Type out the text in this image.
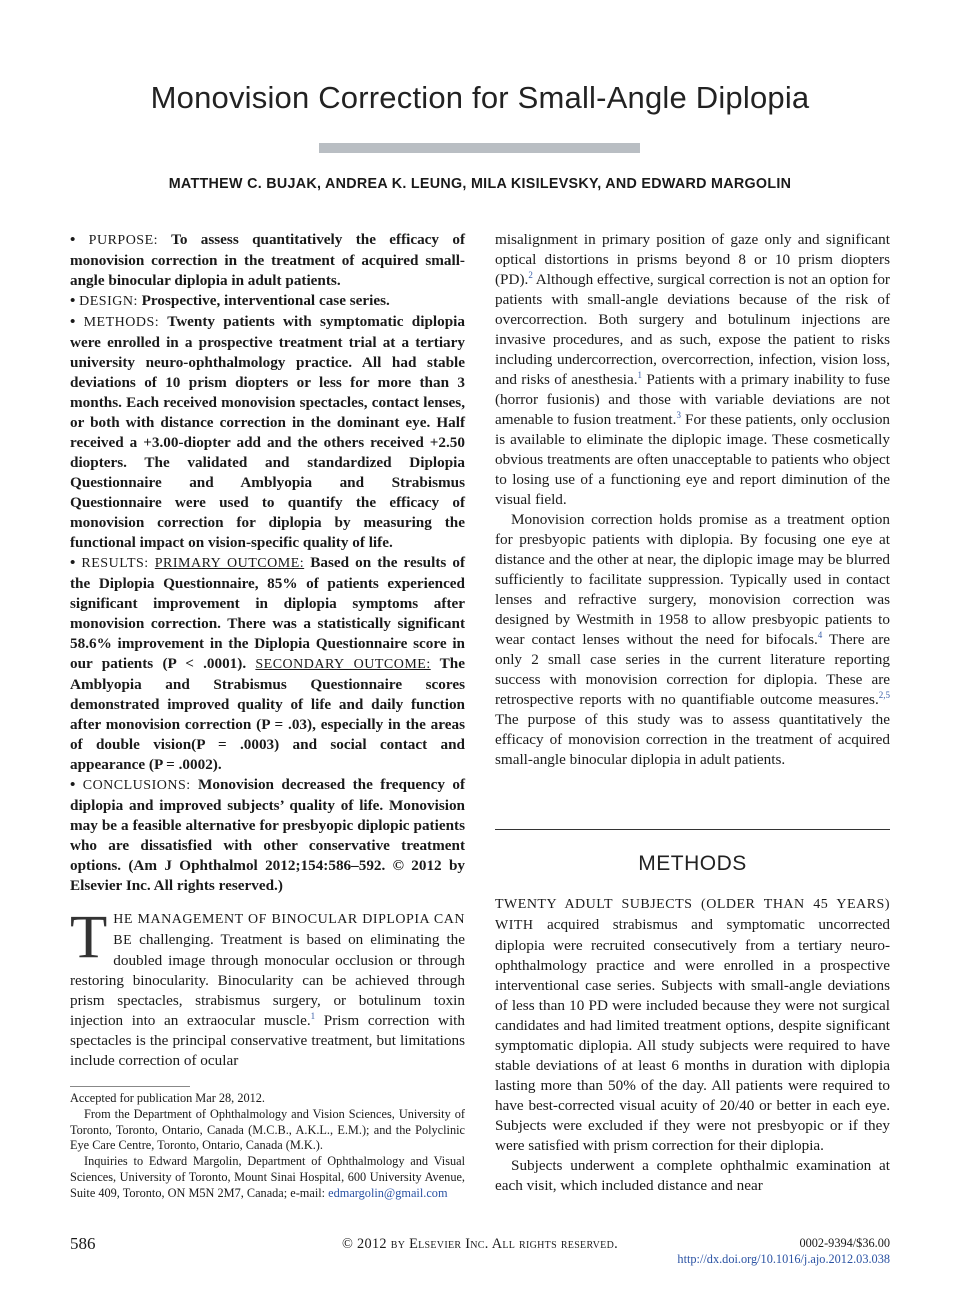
Monovision Correction for Small-Angle Diplopia
MATTHEW C. BUJAK, ANDREA K. LEUNG, MILA KISILEVSKY, AND EDWARD MARGOLIN

• PURPOSE: To assess quantitatively the efficacy of monovision correction in the treatment of acquired small-angle binocular diplopia in adult patients.

• DESIGN: Prospective, interventional case series.

• METHODS: Twenty patients with symptomatic diplopia were enrolled in a prospective treatment trial at a tertiary university neuro-ophthalmology practice. All had stable deviations of 10 prism diopters or less for more than 3 months. Each received monovision spectacles, contact lenses, or both with distance correction in the dominant eye. Half received a +3.00-diopter add and the others received +2.50 diopters. The validated and standardized Diplopia Questionnaire and Amblyopia and Strabismus Questionnaire were used to quantify the efficacy of monovision correction for diplopia by measuring the functional impact on vision-specific quality of life.

• RESULTS: PRIMARY OUTCOME: Based on the results of the Diplopia Questionnaire, 85% of patients experienced significant improvement in diplopia symptoms after monovision correction. There was a statistically significant 58.6% improvement in the Diplopia Questionnaire score in our patients (P < .0001). SECONDARY OUTCOME: The Amblyopia and Strabismus Questionnaire scores demonstrated improved quality of life and daily function after monovision correction (P = .03), especially in the areas of double vision(P = .0003) and social contact and appearance (P = .0002).

• CONCLUSIONS: Monovision decreased the frequency of diplopia and improved subjects’ quality of life. Monovision may be a feasible alternative for presbyopic diplopic patients who are dissatisfied with other conservative treatment options. (Am J Ophthalmol 2012;154:586–592. © 2012 by Elsevier Inc. All rights reserved.)

THE MANAGEMENT OF BINOCULAR DIPLOPIA CAN BE challenging. Treatment is based on eliminating the doubled image through monocular occlusion or through restoring binocularity. Binocularity can be achieved through prism spectacles, strabismus surgery, or botulinum toxin injection into an extraocular muscle.$^1$ Prism correction with spectacles is the principal conservative treatment, but limitations include correction of ocular

Accepted for publication Mar 28, 2012.
From the Department of Ophthalmology and Vision Sciences, University of Toronto, Toronto, Ontario, Canada (M.C.B., A.K.L., E.M.); and the Polyclinic Eye Care Centre, Toronto, Ontario, Canada (M.K.).
Inquiries to Edward Margolin, Department of Ophthalmology and Visual Sciences, University of Toronto, Mount Sinai Hospital, 600 University Avenue, Suite 409, Toronto, ON M5N 2M7, Canada; e-mail: edmargolin@gmail.com

misalignment in primary position of gaze only and significant optical distortions in prisms beyond 8 or 10 prism diopters (PD).$^2$ Although effective, surgical correction is not an option for patients with small-angle deviations because of the risk of overcorrection. Both surgery and botulinum injections are invasive procedures, and as such, expose the patient to risks including undercorrection, overcorrection, infection, vision loss, and risks of anesthesia.$^1$ Patients with a primary inability to fuse (horror fusionis) and those with variable deviations are not amenable to fusion treatment.$^3$ For these patients, only occlusion is available to eliminate the diplopic image. These cosmetically obvious treatments are often unacceptable to patients who object to losing use of a functioning eye and report diminution of the visual field.

Monovision correction holds promise as a treatment option for presbyopic patients with diplopia. By focusing one eye at distance and the other at near, the diplopic image may be blurred sufficiently to facilitate suppression. Typically used in contact lenses and refractive surgery, monovision correction was designed by Westmith in 1958 to allow presbyopic patients to wear contact lenses without the need for bifocals.$^4$ There are only 2 small case series in the current literature reporting success with monovision correction for diplopia. These are retrospective reports with no quantifiable outcome measures.$^{2,5}$ The purpose of this study was to assess quantitatively the efficacy of monovision correction in the treatment of acquired small-angle binocular diplopia in adult patients.

METHODS

TWENTY ADULT SUBJECTS (OLDER THAN 45 YEARS) WITH acquired strabismus and symptomatic uncorrected diplopia were recruited consecutively from a tertiary neuro-ophthalmology practice and were enrolled in a prospective interventional case series. Subjects with small-angle deviations of less than 10 PD were included because they were not surgical candidates and had limited treatment options, despite significant symptomatic diplopia. All study subjects were required to have stable deviations of at least 6 months in duration with diplopia lasting more than 50% of the day. All patients were required to have best-corrected visual acuity of 20/40 or better in each eye. Subjects were excluded if they were not presbyopic or if they were satisfied with prism correction for their diplopia.

Subjects underwent a complete ophthalmic examination at each visit, which included distance and near

586	© 2012 by Elsevier Inc. All rights reserved.	0002-9394/$36.00
http://dx.doi.org/10.1016/j.ajo.2012.03.038
